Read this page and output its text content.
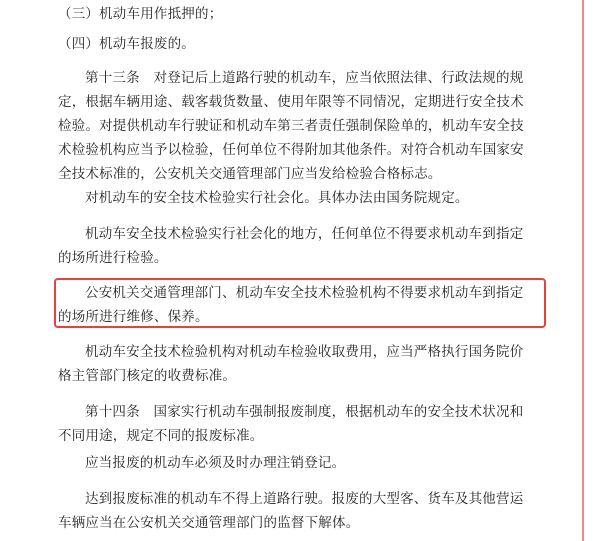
（三）机动车用作抵押的；

（四）机动车报废的。

第十三条　对登记后上道路行驶的机动车，应当依照法律、行政法规的规定，根据车辆用途、载客载货数量、使用年限等不同情况，定期进行安全技术检验。对提供机动车行驶证和机动车第三者责任强制保险单的，机动车安全技术检验机构应当予以检验，任何单位不得附加其他条件。对符合机动车国家安全技术标准的，公安机关交通管理部门应当发给检验合格标志。

对机动车的安全技术检验实行社会化。具体办法由国务院规定。

机动车安全技术检验实行社会化的地方，任何单位不得要求机动车到指定的场所进行检验。

公安机关交通管理部门、机动车安全技术检验机构不得要求机动车到指定的场所进行维修、保养。

机动车安全技术检验机构对机动车检验收取费用，应当严格执行国务院价格主管部门核定的收费标准。

第十四条　国家实行机动车强制报废制度，根据机动车的安全技术状况和不同用途，规定不同的报废标准。

应当报废的机动车必须及时办理注销登记。

达到报废标准的机动车不得上道路行驶。报废的大型客、货车及其他营运车辆应当在公安机关交通管理部门的监督下解体。
